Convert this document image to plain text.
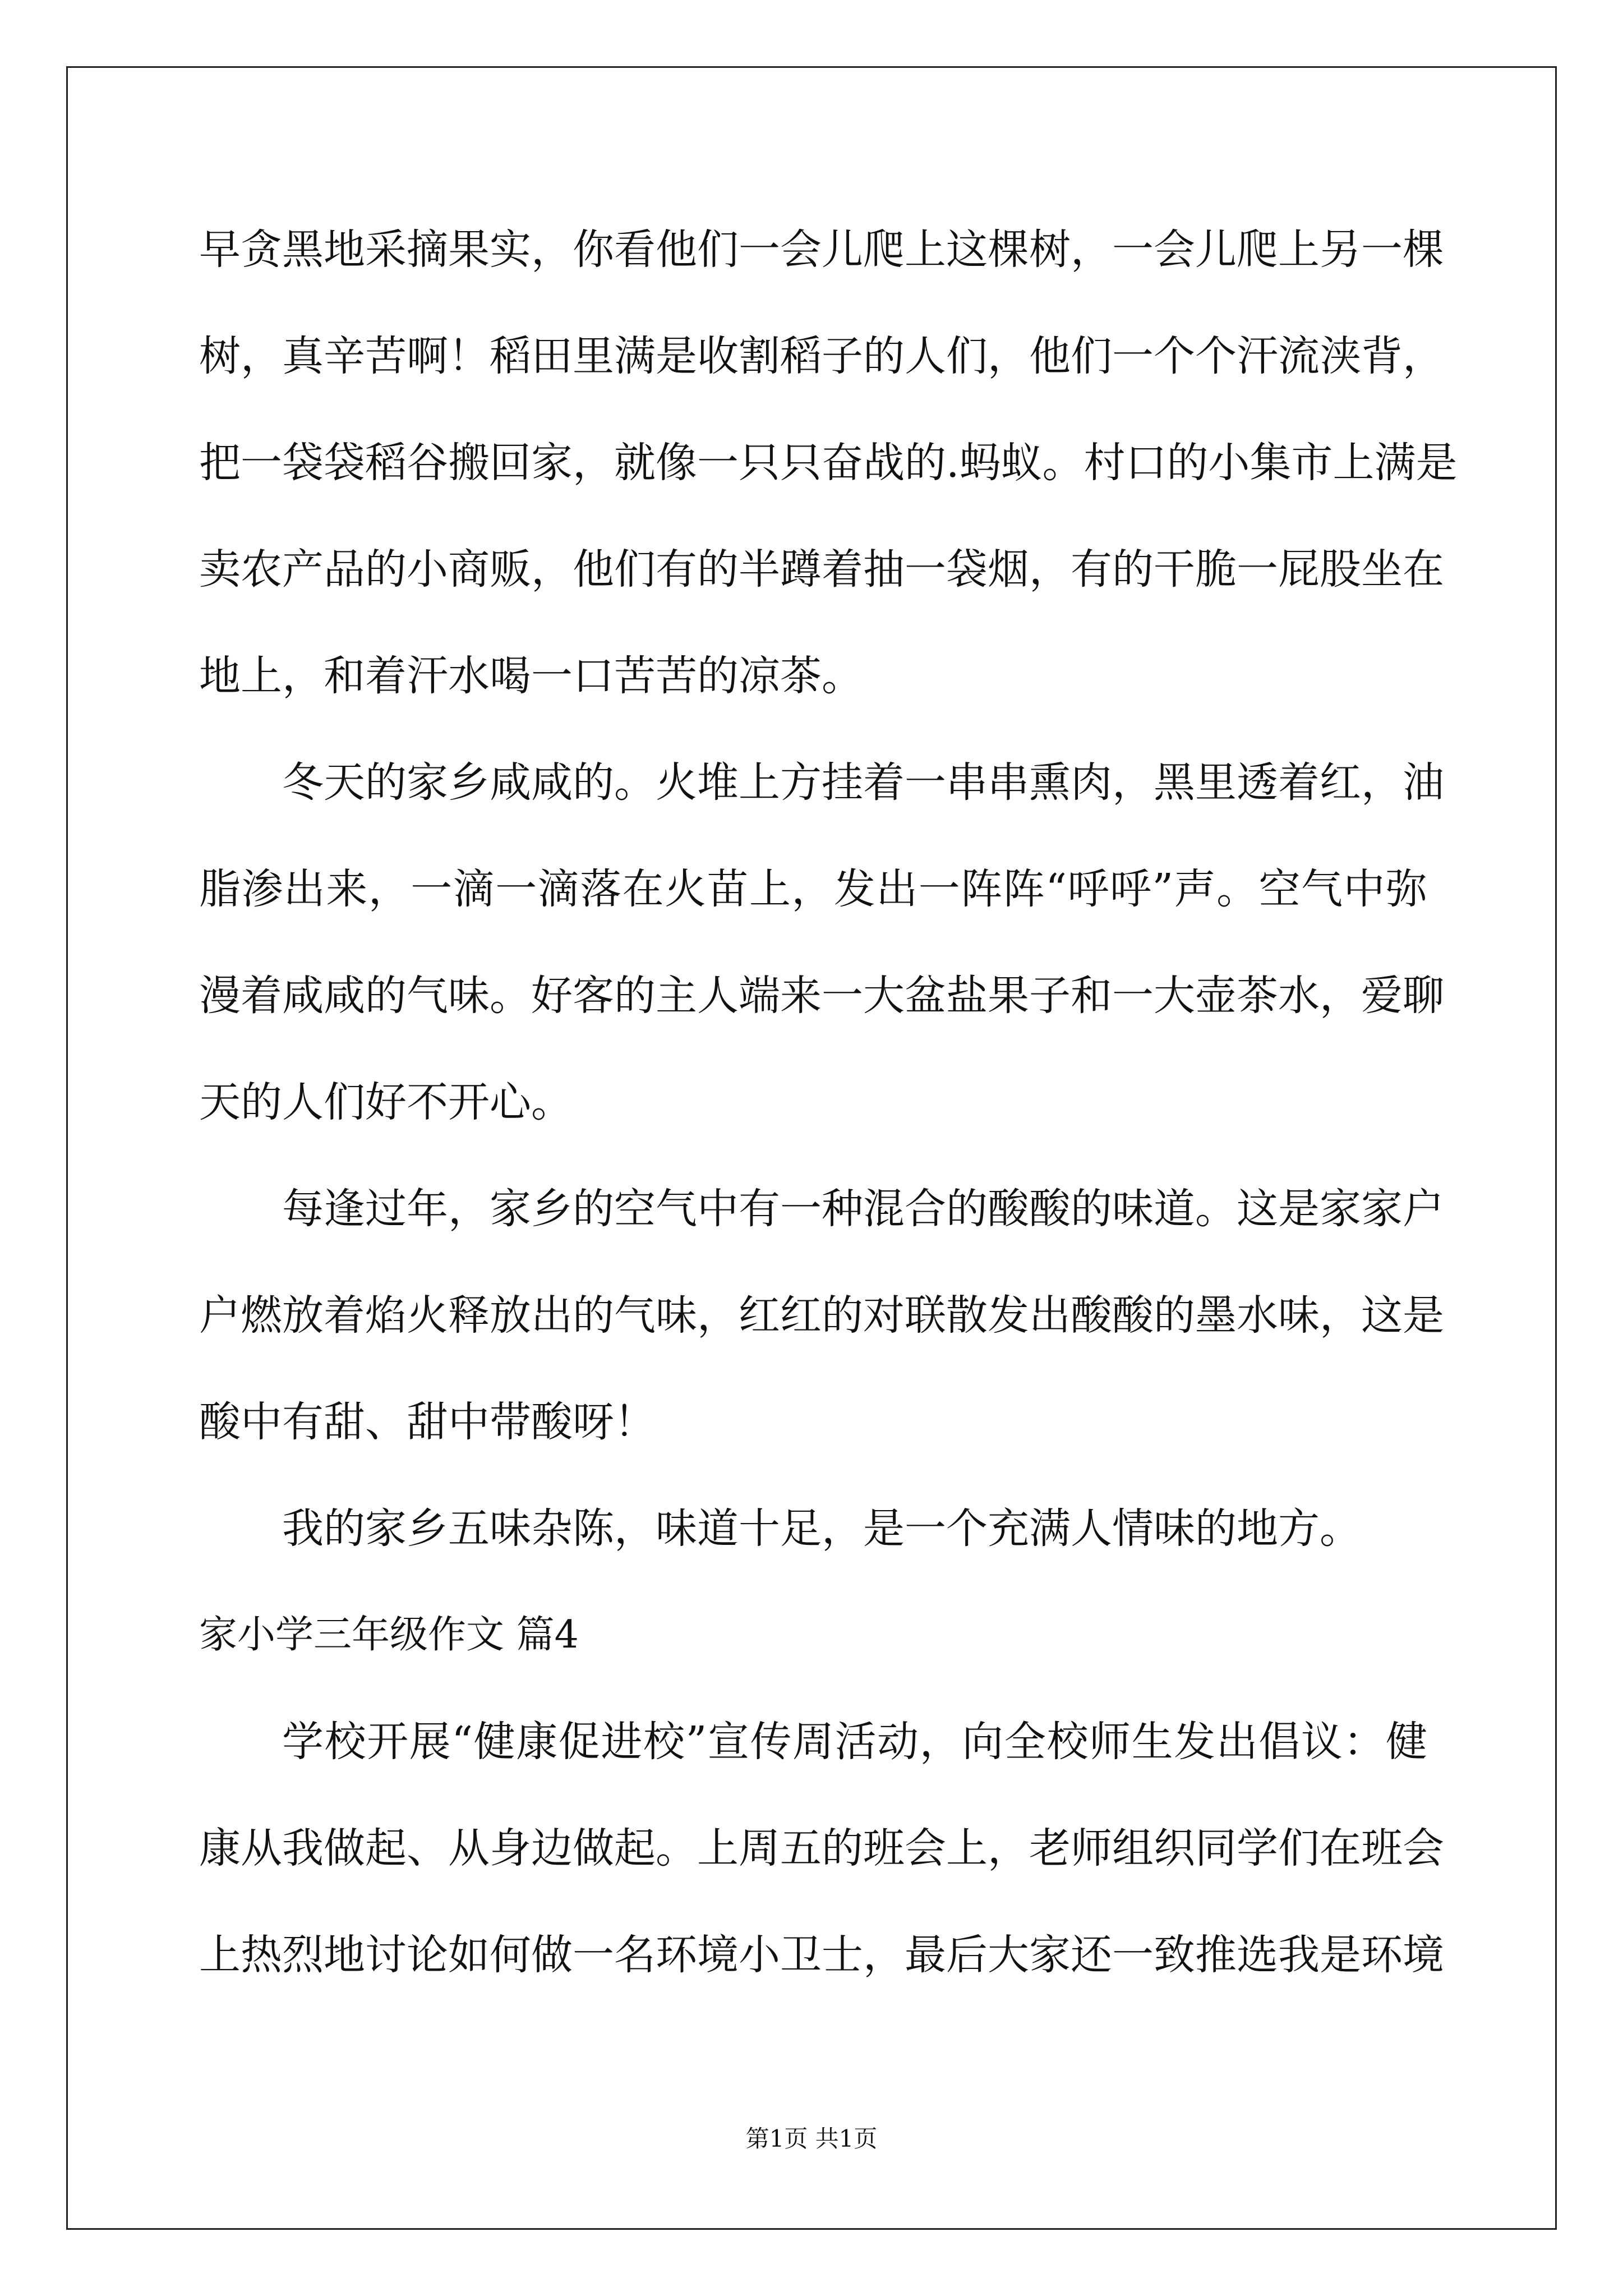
早贪黑地采摘果实，你看他们一会儿爬上这棵树，一会儿爬上另一棵
树，真辛苦啊！稻田里满是收割稻子的人们，他们一个个汗流浃背，
把一袋袋稻谷搬回家，就像一只只奋战的.蚂蚁。村口的小集市上满是
卖农产品的小商贩，他们有的半蹲着抽一袋烟，有的干脆一屁股坐在
地上，和着汗水喝一口苦苦的凉茶。
冬天的家乡咸咸的。火堆上方挂着一串串熏肉，黑里透着红，油
脂渗出来，一滴一滴落在火苗上，发出一阵阵“呼呼”声。空气中弥
漫着咸咸的气味。好客的主人端来一大盆盐果子和一大壶茶水，爱聊
天的人们好不开心。
每逢过年，家乡的空气中有一种混合的酸酸的味道。这是家家户
户燃放着焰火释放出的气味，红红的对联散发出酸酸的墨水味，这是
酸中有甜、甜中带酸呀！
我的家乡五味杂陈，味道十足，是一个充满人情味的地方。
家小学三年级作文 篇4
学校开展“健康促进校”宣传周活动，向全校师生发出倡议：健
康从我做起、从身边做起。上周五的班会上，老师组织同学们在班会
上热烈地讨论如何做一名环境小卫士，最后大家还一致推选我是环境
第1页 共1页
